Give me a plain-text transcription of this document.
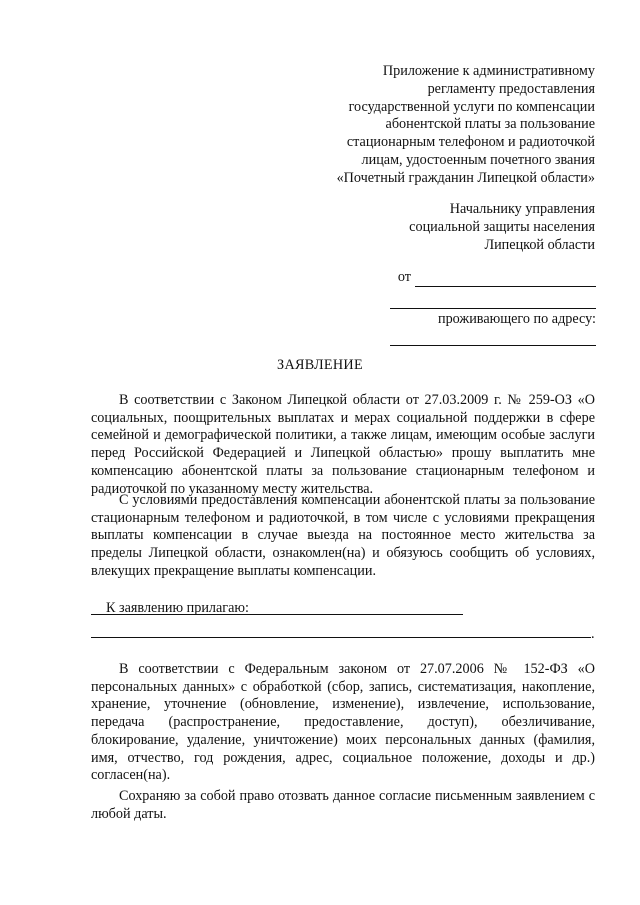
Приложение к административному
регламенту предоставления
государственной услуги по компенсации
абонентской платы за пользование
стационарным телефоном и радиоточкой
лицам, удостоенным почетного звания
«Почетный гражданин Липецкой области»
Начальнику управления
социальной защиты населения
Липецкой области
от
проживающего по адресу:
ЗАЯВЛЕНИЕ

В соответствии с Законом Липецкой области от 27.03.2009 г. № 259-ОЗ «О социальных, поощрительных выплатах и мерах социальной поддержки в сфере семейной и демографической политики, а также лицам, имеющим особые заслуги перед Российской Федерацией и Липецкой областью» прошу выплатить мне компенсацию абонентской платы за пользование стационарным телефоном и радиоточкой по указанному месту жительства.

С условиями предоставления компенсации абонентской платы за пользование стационарным телефоном и радиоточкой, в том числе с условиями прекращения выплаты компенсации в случае выезда на постоянное место жительства за пределы Липецкой области, ознакомлен(на) и обязуюсь сообщить об условиях, влекущих прекращение выплаты компенсации.

К заявлению прилагаю:
.

В соответствии с Федеральным законом от 27.07.2006 № 152-ФЗ «О персональных данных» с обработкой (сбор, запись, систематизация, накопление, хранение, уточнение (обновление, изменение), извлечение, использование, передача (распространение, предоставление, доступ), обезличивание, блокирование, удаление, уничтожение) моих персональных данных (фамилия, имя, отчество, год рождения, адрес, социальное положение, доходы и др.) согласен(на).

Сохраняю за собой право отозвать данное согласие письменным заявлением с любой даты.
